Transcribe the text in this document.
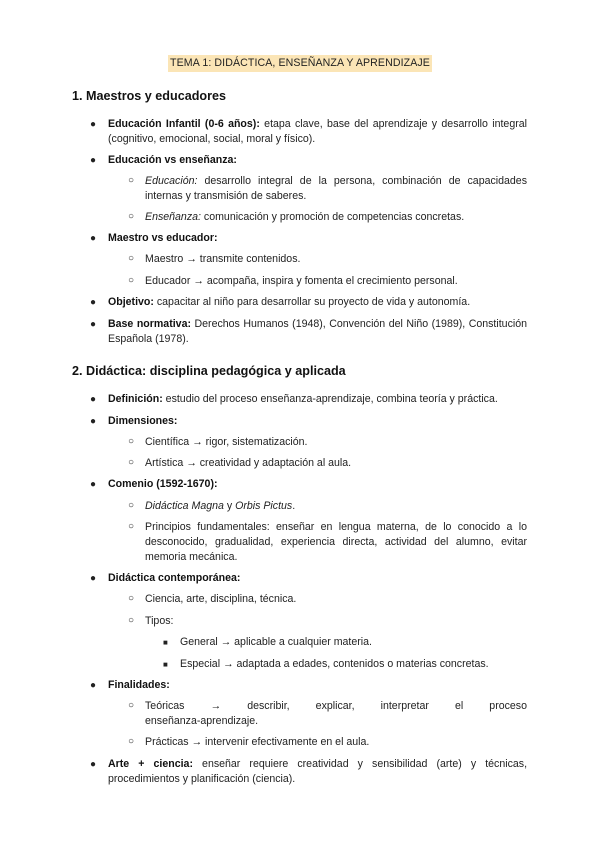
TEMA 1: DIDÁCTICA, ENSEÑANZA Y APRENDIZAJE
1. Maestros y educadores
● Educación Infantil (0-6 años): etapa clave, base del aprendizaje y desarrollo integral (cognitivo, emocional, social, moral y físico).
● Educación vs enseñanza:
○ Educación: desarrollo integral de la persona, combinación de capacidades internas y transmisión de saberes.
○ Enseñanza: comunicación y promoción de competencias concretas.
● Maestro vs educador:
○ Maestro → transmite contenidos.
○ Educador → acompaña, inspira y fomenta el crecimiento personal.
● Objetivo: capacitar al niño para desarrollar su proyecto de vida y autonomía.
● Base normativa: Derechos Humanos (1948), Convención del Niño (1989), Constitución Española (1978).
2. Didáctica: disciplina pedagógica y aplicada
● Definición: estudio del proceso enseñanza-aprendizaje, combina teoría y práctica.
● Dimensiones:
○ Científica → rigor, sistematización.
○ Artística → creatividad y adaptación al aula.
● Comenio (1592-1670):
○ Didáctica Magna y Orbis Pictus.
○ Principios fundamentales: enseñar en lengua materna, de lo conocido a lo desconocido, gradualidad, experiencia directa, actividad del alumno, evitar memoria mecánica.
● Didáctica contemporánea:
○ Ciencia, arte, disciplina, técnica.
○ Tipos:
■ General → aplicable a cualquier materia.
■ Especial → adaptada a edades, contenidos o materias concretas.
● Finalidades:
○ Teóricas → describir, explicar, interpretar el proceso
enseñanza-aprendizaje.
○ Prácticas → intervenir efectivamente en el aula.
● Arte + ciencia: enseñar requiere creatividad y sensibilidad (arte) y técnicas, procedimientos y planificación (ciencia).
